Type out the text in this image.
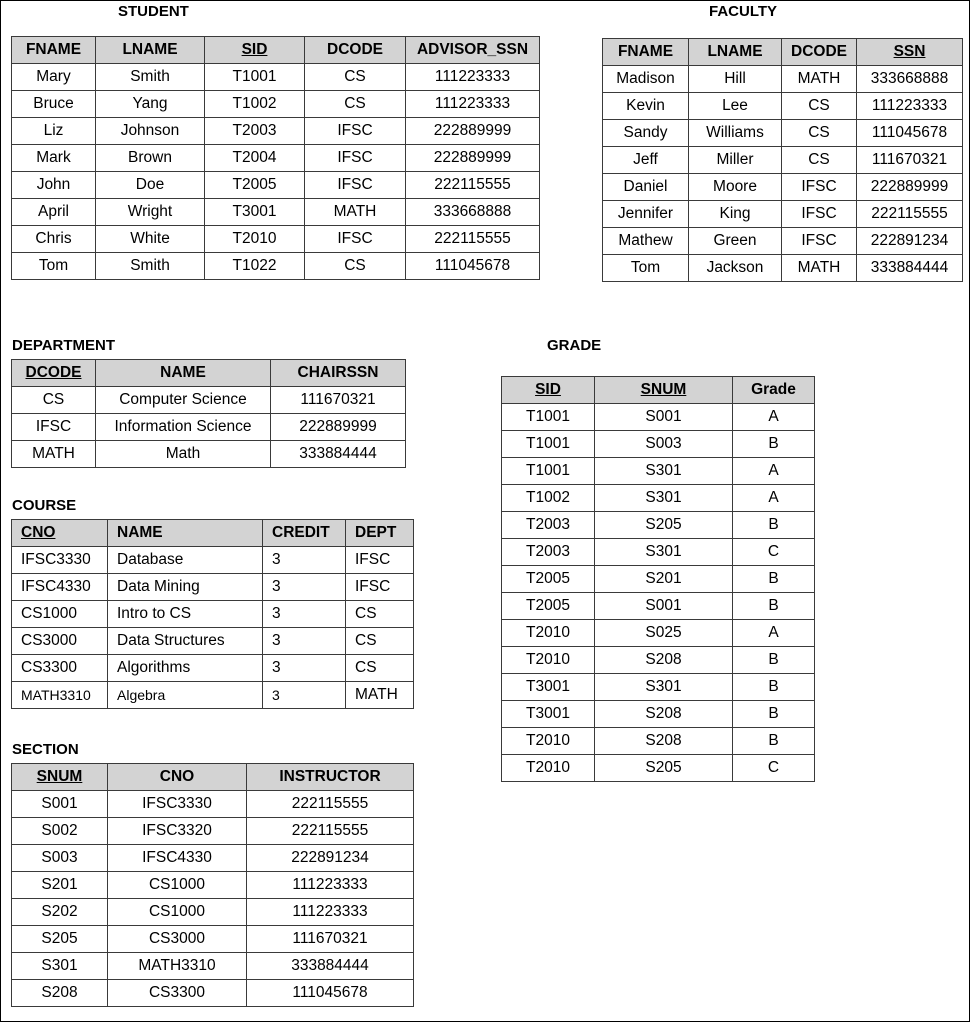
STUDENT
FNAME	LNAME	SID	DCODE	ADVISOR_SSN
Mary	Smith	T1001	CS	111223333
Bruce	Yang	T1002	CS	111223333
Liz	Johnson	T2003	IFSC	222889999
Mark	Brown	T2004	IFSC	222889999
John	Doe	T2005	IFSC	222115555
April	Wright	T3001	MATH	333668888
Chris	White	T2010	IFSC	222115555
Tom	Smith	T1022	CS	111045678
FACULTY
FNAME	LNAME	DCODE	SSN
Madison	Hill	MATH	333668888
Kevin	Lee	CS	111223333
Sandy	Williams	CS	111045678
Jeff	Miller	CS	111670321
Daniel	Moore	IFSC	222889999
Jennifer	King	IFSC	222115555
Mathew	Green	IFSC	222891234
Tom	Jackson	MATH	333884444
DEPARTMENT
DCODE	NAME	CHAIRSSN
CS	Computer Science	111670321
IFSC	Information Science	222889999
MATH	Math	333884444
COURSE
CNO	NAME	CREDIT	DEPT
IFSC3330	Database	3	IFSC
IFSC4330	Data Mining	3	IFSC
CS1000	Intro to CS	3	CS
CS3000	Data Structures	3	CS
CS3300	Algorithms	3	CS
MATH3310	Algebra	3	MATH
SECTION
SNUM	CNO	INSTRUCTOR
S001	IFSC3330	222115555
S002	IFSC3320	222115555
S003	IFSC4330	222891234
S201	CS1000	111223333
S202	CS1000	111223333
S205	CS3000	111670321
S301	MATH3310	333884444
S208	CS3300	111045678
GRADE
SID	SNUM	Grade
T1001	S001	A
T1001	S003	B
T1001	S301	A
T1002	S301	A
T2003	S205	B
T2003	S301	C
T2005	S201	B
T2005	S001	B
T2010	S025	A
T2010	S208	B
T3001	S301	B
T3001	S208	B
T2010	S208	B
T2010	S205	C
